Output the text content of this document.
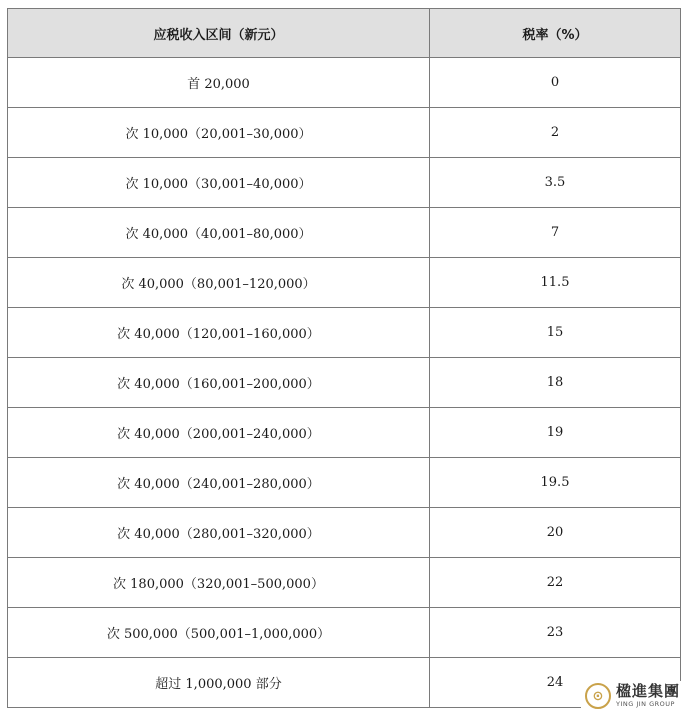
应税收入区间（新元）	税率（%）
首 20,000	0
次 10,000（20,001–30,000）	2
次 10,000（30,001–40,000）	3.5
次 40,000（40,001–80,000）	7
次 40,000（80,001–120,000）	11.5
次 40,000（120,001–160,000）	15
次 40,000（160,001–200,000）	18
次 40,000（200,001–240,000）	19
次 40,000（240,001–280,000）	19.5
次 40,000（280,001–320,000）	20
次 180,000（320,001–500,000）	22
次 500,000（500,001–1,000,000）	23
超过 1,000,000 部分	24
⊙ 楹進集團
YING JIN GROUP
